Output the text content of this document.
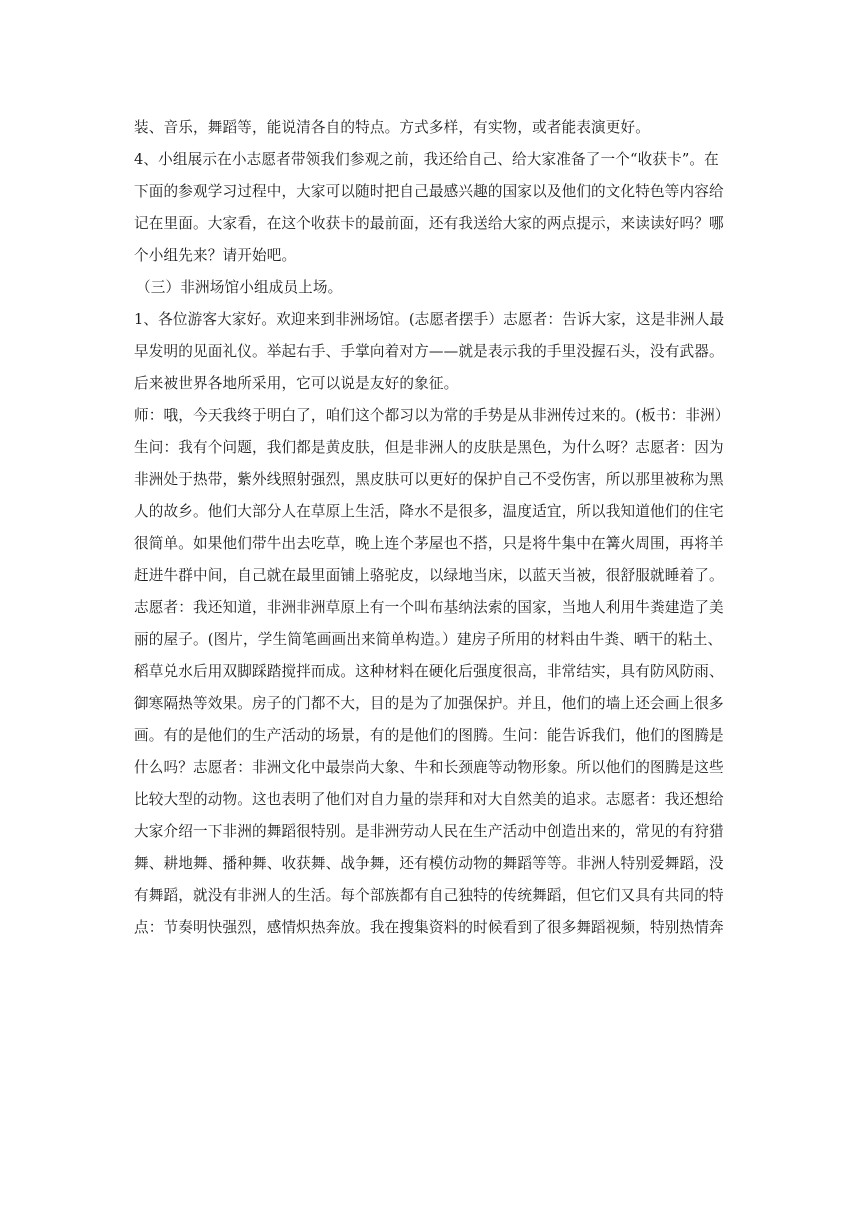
装、音乐，舞蹈等，能说清各自的特点。方式多样，有实物，或者能表演更好。

4、小组展示在小志愿者带领我们参观之前，我还给自己、给大家准备了一个“收获卡”。在
下面的参观学习过程中，大家可以随时把自己最感兴趣的国家以及他们的文化特色等内容给
记在里面。大家看，在这个收获卡的最前面，还有我送给大家的两点提示，来读读好吗？哪
个小组先来？请开始吧。

（三）非洲场馆小组成员上场。

1、各位游客大家好。欢迎来到非洲场馆。(志愿者摆手）志愿者：告诉大家，这是非洲人最
早发明的见面礼仪。举起右手、手掌向着对方——就是表示我的手里没握石头，没有武器。
后来被世界各地所采用，它可以说是友好的象征。

师：哦，今天我终于明白了，咱们这个都习以为常的手势是从非洲传过来的。(板书：非洲）
生问：我有个问题，我们都是黄皮肤，但是非洲人的皮肤是黑色，为什么呀？志愿者：因为
非洲处于热带，紫外线照射强烈，黑皮肤可以更好的保护自己不受伤害，所以那里被称为黑
人的故乡。他们大部分人在草原上生活，降水不是很多，温度适宜，所以我知道他们的住宅
很简单。如果他们带牛出去吃草，晚上连个茅屋也不搭，只是将牛集中在篝火周围，再将羊
赶进牛群中间，自己就在最里面铺上骆驼皮，以绿地当床，以蓝天当被，很舒服就睡着了。
志愿者：我还知道，非洲非洲草原上有一个叫布基纳法索的国家，当地人利用牛粪建造了美
丽的屋子。(图片，学生简笔画画出来简单构造。）建房子所用的材料由牛粪、晒干的粘土、
稻草兑水后用双脚踩踏搅拌而成。这种材料在硬化后强度很高，非常结实，具有防风防雨、
御寒隔热等效果。房子的门都不大，目的是为了加强保护。并且，他们的墙上还会画上很多
画。有的是他们的生产活动的场景，有的是他们的图腾。生问：能告诉我们，他们的图腾是
什么吗？志愿者：非洲文化中最崇尚大象、牛和长颈鹿等动物形象。所以他们的图腾是这些
比较大型的动物。这也表明了他们对自力量的崇拜和对大自然美的追求。志愿者：我还想给
大家介绍一下非洲的舞蹈很特别。是非洲劳动人民在生产活动中创造出来的，常见的有狩猎
舞、耕地舞、播种舞、收获舞、战争舞，还有模仿动物的舞蹈等等。非洲人特别爱舞蹈，没
有舞蹈，就没有非洲人的生活。每个部族都有自己独特的传统舞蹈，但它们又具有共同的特
点：节奏明快强烈，感情炽热奔放。我在搜集资料的时候看到了很多舞蹈视频，特别热情奔
